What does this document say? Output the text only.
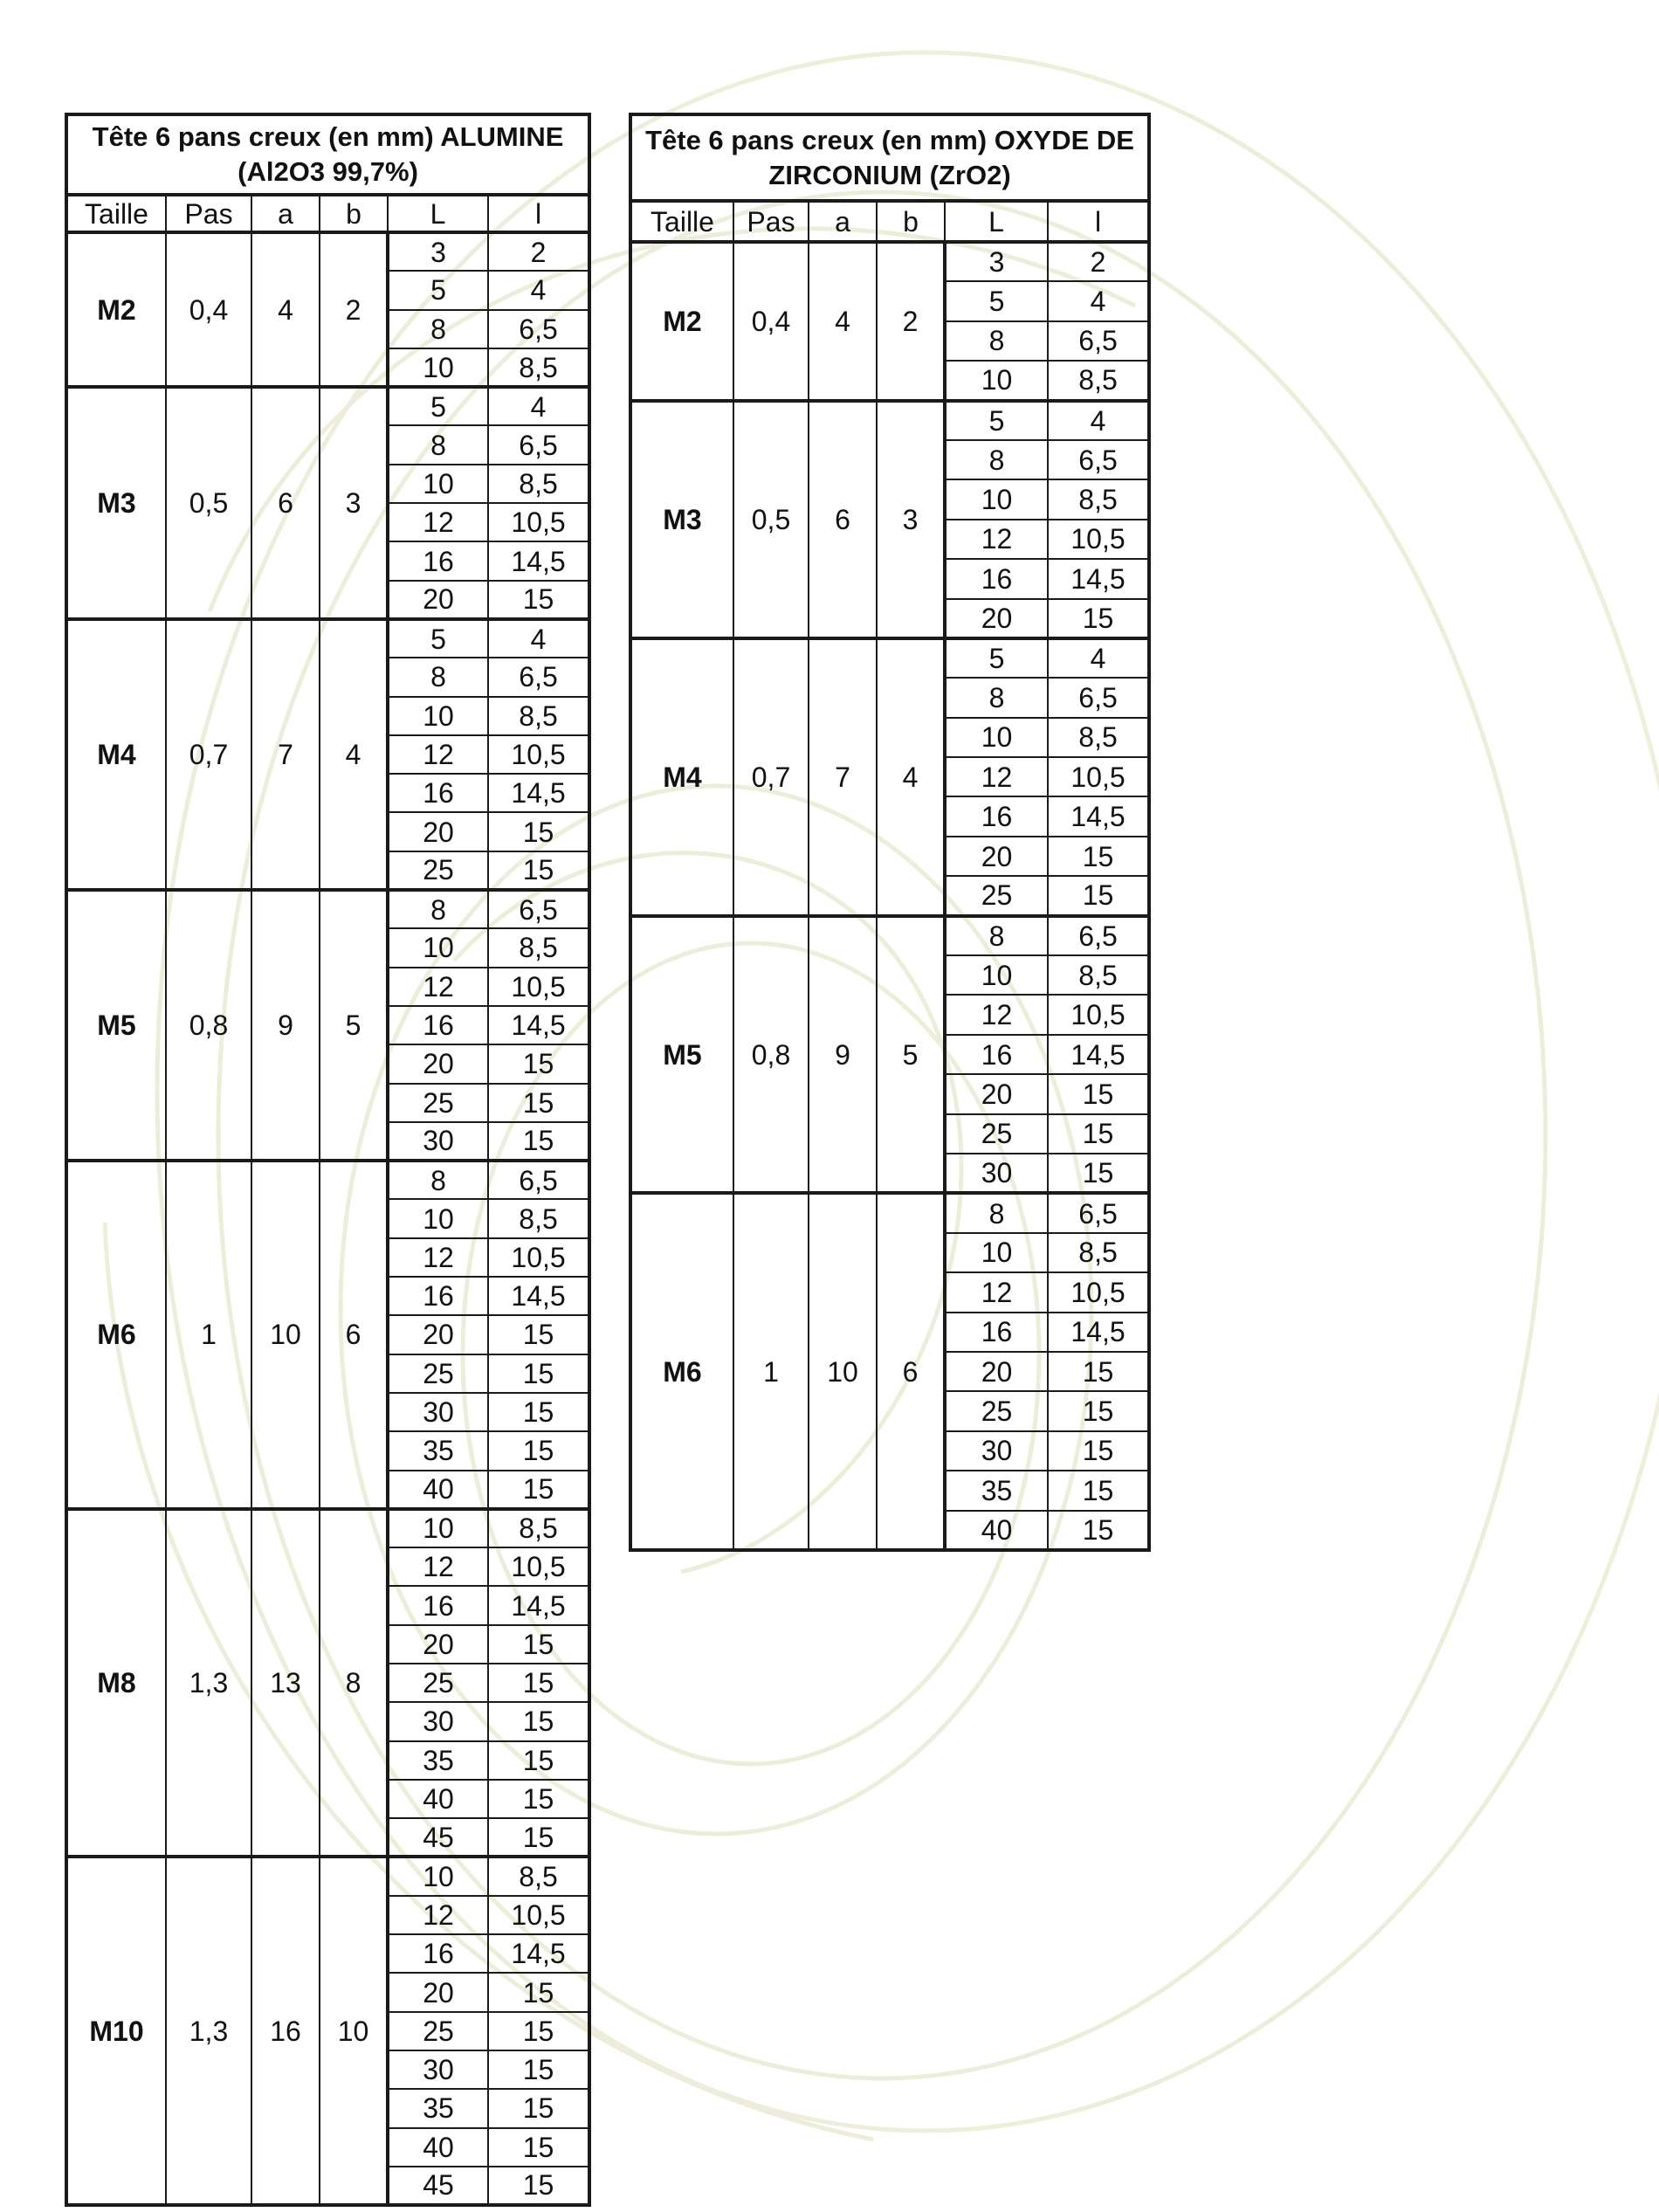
Tête 6 pans creux (en mm) ALUMINE (Al2O3 99,7%)					
Taille	Pas	a	b	L	l
M2	0,4	4	2	3	2
				5	4
				8	6,5
				10	8,5
M3	0,5	6	3	5	4
				8	6,5
				10	8,5
				12	10,5
				16	14,5
				20	15
M4	0,7	7	4	5	4
				8	6,5
				10	8,5
				12	10,5
				16	14,5
				20	15
				25	15
M5	0,8	9	5	8	6,5
				10	8,5
				12	10,5
				16	14,5
				20	15
				25	15
				30	15
M6	1	10	6	8	6,5
				10	8,5
				12	10,5
				16	14,5
				20	15
				25	15
				30	15
				35	15
				40	15
M8	1,3	13	8	10	8,5
				12	10,5
				16	14,5
				20	15
				25	15
				30	15
				35	15
				40	15
				45	15
M10	1,3	16	10	10	8,5
				12	10,5
				16	14,5
				20	15
				25	15
				30	15
				35	15
				40	15
				45	15
Tête 6 pans creux (en mm) OXYDE DE ZIRCONIUM (ZrO2)					
Taille	Pas	a	b	L	l
M2	0,4	4	2	3	2
				5	4
				8	6,5
				10	8,5
M3	0,5	6	3	5	4
				8	6,5
				10	8,5
				12	10,5
				16	14,5
				20	15
M4	0,7	7	4	5	4
				8	6,5
				10	8,5
				12	10,5
				16	14,5
				20	15
				25	15
M5	0,8	9	5	8	6,5
				10	8,5
				12	10,5
				16	14,5
				20	15
				25	15
				30	15
M6	1	10	6	8	6,5
				10	8,5
				12	10,5
				16	14,5
				20	15
				25	15
				30	15
				35	15
				40	15
